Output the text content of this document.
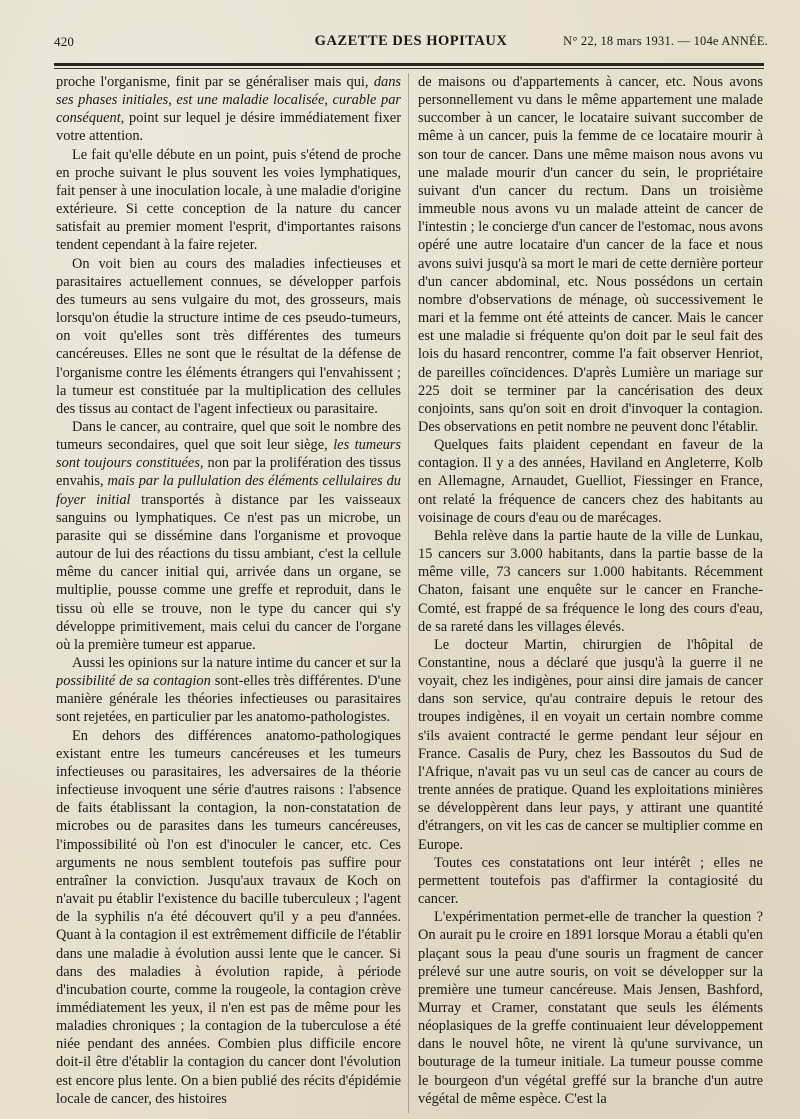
420	GAZETTE DES HOPITAUX	N° 22, 18 mars 1931. — 104e ANNÉE.

proche l'organisme, finit par se généraliser mais qui, dans ses phases initiales, est une maladie localisée, curable par conséquent, point sur lequel je désire immédiatement fixer votre attention.

Le fait qu'elle débute en un point, puis s'étend de proche en proche suivant le plus souvent les voies lymphatiques, fait penser à une inoculation locale, à une maladie d'origine extérieure. Si cette conception de la nature du cancer satisfait au premier moment l'esprit, d'importantes raisons tendent cependant à la faire rejeter.

On voit bien au cours des maladies infectieuses et parasitaires actuellement connues, se développer parfois des tumeurs au sens vulgaire du mot, des grosseurs, mais lorsqu'on étudie la structure intime de ces pseudo-tumeurs, on voit qu'elles sont très différentes des tumeurs cancéreuses. Elles ne sont que le résultat de la défense de l'organisme contre les éléments étrangers qui l'envahissent ; la tumeur est constituée par la multiplication des cellules des tissus au contact de l'agent infectieux ou parasitaire.

Dans le cancer, au contraire, quel que soit le nombre des tumeurs secondaires, quel que soit leur siège, les tumeurs sont toujours constituées, non par la prolifération des tissus envahis, mais par la pullulation des éléments cellulaires du foyer initial transportés à distance par les vaisseaux sanguins ou lymphatiques. Ce n'est pas un microbe, un parasite qui se dissémine dans l'organisme et provoque autour de lui des réactions du tissu ambiant, c'est la cellule même du cancer initial qui, arrivée dans un organe, se multiplie, pousse comme une greffe et reproduit, dans le tissu où elle se trouve, non le type du cancer qui s'y développe primitivement, mais celui du cancer de l'organe où la première tumeur est apparue.

Aussi les opinions sur la nature intime du cancer et sur la possibilité de sa contagion sont-elles très différentes. D'une manière générale les théories infectieuses ou parasitaires sont rejetées, en particulier par les anatomo-pathologistes.

En dehors des différences anatomo-pathologiques existant entre les tumeurs cancéreuses et les tumeurs infectieuses ou parasitaires, les adversaires de la théorie infectieuse invoquent une série d'autres raisons : l'absence de faits établissant la contagion, la non-constatation de microbes ou de parasites dans les tumeurs cancéreuses, l'impossibilité où l'on est d'inoculer le cancer, etc. Ces arguments ne nous semblent toutefois pas suffire pour entraîner la conviction. Jusqu'aux travaux de Koch on n'avait pu établir l'existence du bacille tuberculeux ; l'agent de la syphilis n'a été découvert qu'il y a peu d'années. Quant à la contagion il est extrêmement difficile de l'établir dans une maladie à évolution aussi lente que le cancer. Si dans des maladies à évolution rapide, à période d'incubation courte, comme la rougeole, la contagion crève immédiatement les yeux, il n'en est pas de même pour les maladies chroniques ; la contagion de la tuberculose a été niée pendant des années. Combien plus difficile encore doit-il être d'établir la contagion du cancer dont l'évolution est encore plus lente. On a bien publié des récits d'épidémie locale de cancer, des histoires

de maisons ou d'appartements à cancer, etc. Nous avons personnellement vu dans le même appartement une malade succomber à un cancer, le locataire suivant succomber de même à un cancer, puis la femme de ce locataire mourir à son tour de cancer. Dans une même maison nous avons vu une malade mourir d'un cancer du sein, le propriétaire suivant d'un cancer du rectum. Dans un troisième immeuble nous avons vu un malade atteint de cancer de l'intestin ; le concierge d'un cancer de l'estomac, nous avons opéré une autre locataire d'un cancer de la face et nous avons suivi jusqu'à sa mort le mari de cette dernière porteur d'un cancer abdominal, etc. Nous possédons un certain nombre d'observations de ménage, où successivement le mari et la femme ont été atteints de cancer. Mais le cancer est une maladie si fréquente qu'on doit par le seul fait des lois du hasard rencontrer, comme l'a fait observer Henriot, de pareilles coïncidences. D'après Lumière un mariage sur 225 doit se terminer par la cancérisation des deux conjoints, sans qu'on soit en droit d'invoquer la contagion. Des observations en petit nombre ne peuvent donc l'établir.

Quelques faits plaident cependant en faveur de la contagion. Il y a des années, Haviland en Angleterre, Kolb en Allemagne, Arnaudet, Guelliot, Fiessinger en France, ont relaté la fréquence de cancers chez des habitants au voisinage de cours d'eau ou de marécages.

Behla relève dans la partie haute de la ville de Lunkau, 15 cancers sur 3.000 habitants, dans la partie basse de la même ville, 73 cancers sur 1.000 habitants. Récemment Chaton, faisant une enquête sur le cancer en Franche-Comté, est frappé de sa fréquence le long des cours d'eau, de sa rareté dans les villages élevés.

Le docteur Martin, chirurgien de l'hôpital de Constantine, nous a déclaré que jusqu'à la guerre il ne voyait, chez les indigènes, pour ainsi dire jamais de cancer dans son service, qu'au contraire depuis le retour des troupes indigènes, il en voyait un certain nombre comme s'ils avaient contracté le germe pendant leur séjour en France. Casalis de Pury, chez les Bassoutos du Sud de l'Afrique, n'avait pas vu un seul cas de cancer au cours de trente années de pratique. Quand les exploitations minières se développèrent dans leur pays, y attirant une quantité d'étrangers, on vit les cas de cancer se multiplier comme en Europe.

Toutes ces constatations ont leur intérêt ; elles ne permettent toutefois pas d'affirmer la contagiosité du cancer.

L'expérimentation permet-elle de trancher la question ? On aurait pu le croire en 1891 lorsque Morau a établi qu'en plaçant sous la peau d'une souris un fragment de cancer prélevé sur une autre souris, on voit se développer sur la première une tumeur cancéreuse. Mais Jensen, Bashford, Murray et Cramer, constatant que seuls les éléments néoplasiques de la greffe continuaient leur développement dans le nouvel hôte, ne virent là qu'une survivance, un bouturage de la tumeur initiale. La tumeur pousse comme le bourgeon d'un végétal greffé sur la branche d'un autre végétal de même espèce. C'est la
